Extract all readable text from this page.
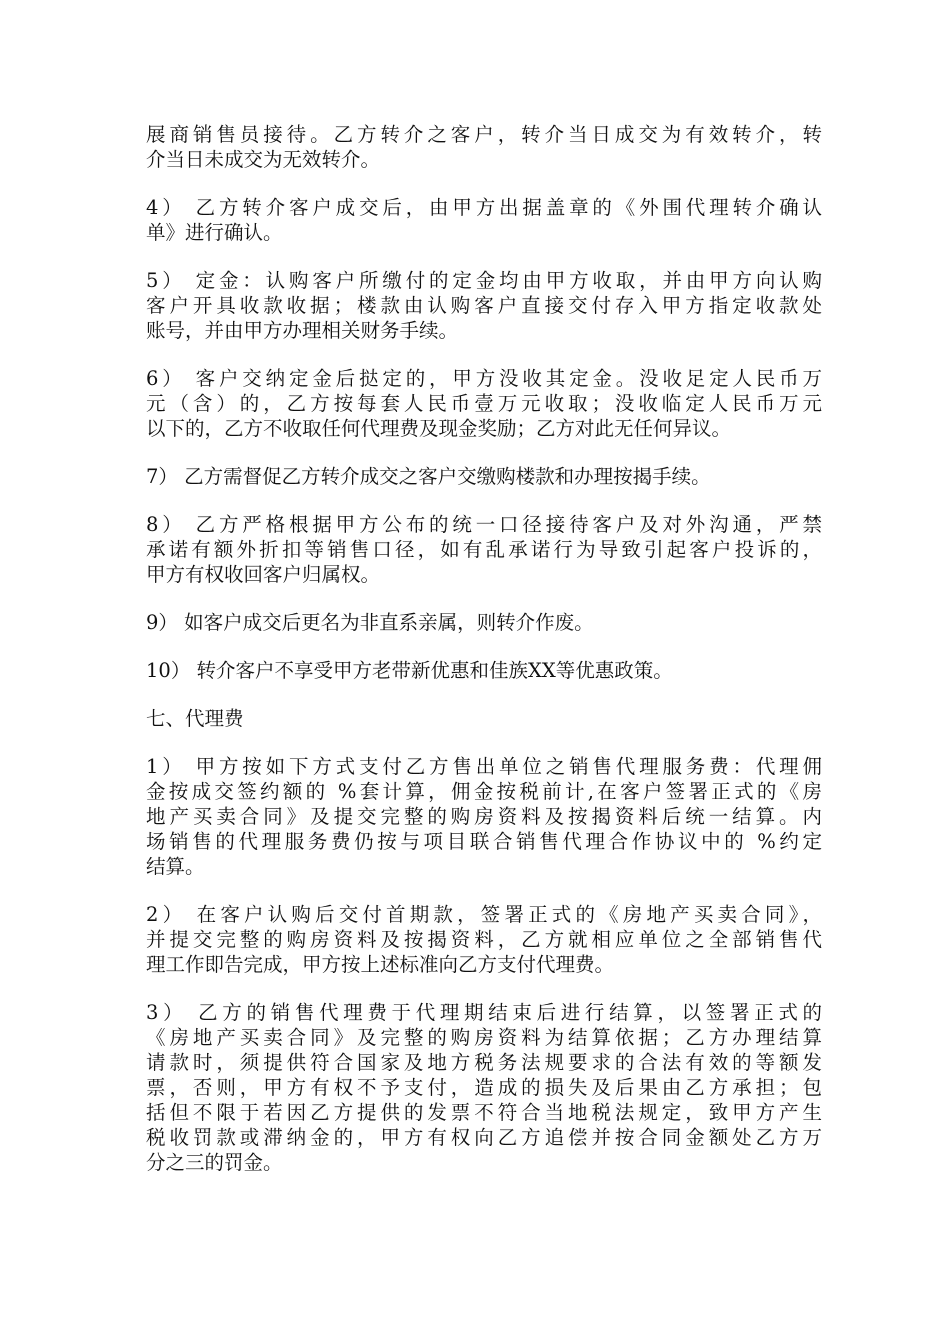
展商销售员接待。乙方转介之客户，转介当日成交为有效转介，转
介当日未成交为无效转介。
4） 乙方转介客户成交后，由甲方出据盖章的《外围代理转介确认
单》进行确认。
5） 定金：认购客户所缴付的定金均由甲方收取，并由甲方向认购
客户开具收款收据；楼款由认购客户直接交付存入甲方指定收款处
账号，并由甲方办理相关财务手续。
6） 客户交纳定金后挞定的，甲方没收其定金。没收足定人民币万
元（含）的，乙方按每套人民币壹万元收取；没收临定人民币万元
以下的，乙方不收取任何代理费及现金奖励；乙方对此无任何异议。
7） 乙方需督促乙方转介成交之客户交缴购楼款和办理按揭手续。
8） 乙方严格根据甲方公布的统一口径接待客户及对外沟通，严禁
承诺有额外折扣等销售口径，如有乱承诺行为导致引起客户投诉的，
甲方有权收回客户归属权。
9） 如客户成交后更名为非直系亲属，则转介作废。
10） 转介客户不享受甲方老带新优惠和佳族XX等优惠政策。
七、代理费
1） 甲方按如下方式支付乙方售出单位之销售代理服务费：代理佣
金按成交签约额的 %套计算，佣金按税前计,在客户签署正式的《房
地产买卖合同》及提交完整的购房资料及按揭资料后统一结算。内
场销售的代理服务费仍按与项目联合销售代理合作协议中的 %约定
结算。
2） 在客户认购后交付首期款，签署正式的《房地产买卖合同》，
并提交完整的购房资料及按揭资料，乙方就相应单位之全部销售代
理工作即告完成，甲方按上述标准向乙方支付代理费。
3） 乙方的销售代理费于代理期结束后进行结算，以签署正式的
《房地产买卖合同》及完整的购房资料为结算依据；乙方办理结算
请款时，须提供符合国家及地方税务法规要求的合法有效的等额发
票，否则，甲方有权不予支付，造成的损失及后果由乙方承担；包
括但不限于若因乙方提供的发票不符合当地税法规定，致甲方产生
税收罚款或滞纳金的，甲方有权向乙方追偿并按合同金额处乙方万
分之三的罚金。
